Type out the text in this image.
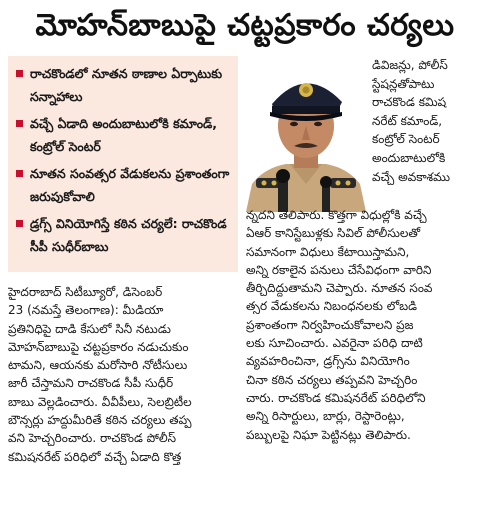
మోహన్‌బాబుపై చట్టప్రకారం చర్యలు
రాచకొండలో నూతన ఠాణాల ఏర్పాటుకు సన్నాహాలు
వచ్చే ఏడాది అందుబాటులోకి కమాండ్, కంట్రోల్ సెంటర్
నూతన సంవత్సర వేడుకలను ప్రశాంతంగా జరుపుకోవాలి
డ్రగ్స్ వినియోగిస్తే కఠిన చర్యలే: రాచకొండ సీపీ సుధీర్‌బాబు
డివిజన్లు, పోలీస్
స్టేషన్లతోపాటు
రాచకొండ కమిష
నరేట్ కమాండ్,
కంట్రోల్ సెంటర్
అందుబాటులోకి
వచ్చే అవకాశము
న్నదని తెలిపారు. కొత్తగా విధుల్లోకి వచ్చే
ఏఆర్ కానిస్టేబుళ్లకు సివిల్ పోలీసులతో
సమానంగా విధులు కేటాయిస్తామని,
అన్ని రకాలైన పనులు చేసేవిధంగా వారిని
తీర్చిదిద్దుతామని చెప్పారు. నూతన సంవ
త్సర వేడుకలను నిబంధనలకు లోబడి
ప్రశాంతంగా నిర్వహించుకోవాలని ప్రజ
లకు సూచించారు. ఎవరైనా పరిధి దాటి
వ్యవహరించినా, డ్రగ్స్‌ను వినియోగిం
చినా కఠిన చర్యలు తప్పవని హెచ్చరిం
చారు. రాచకొండ కమిషనరేట్ పరిధిలోని
అన్ని రిసార్టులు, బార్లు, రెస్టారెంట్లు,
పబ్బులపై నిఘా పెట్టినట్లు తెలిపారు.
హైదరాబాద్ సిటీబ్యూరో, డిసెంబర్
23 (నమస్తే తెలంగాణ): మీడియా
ప్రతినిధిపై దాడి కేసులో సినీ నటుడు
మోహన్‌బాబుపై చట్టప్రకారం నడుచుకుం
టామని, ఆయనకు మరోసారి నోటీసులు
జారీ చేస్తామని రాచకొండ సీపీ సుధీర్
బాబు వెల్లడించారు. వీవీపీలు, సెలబ్రిటీల
బౌన్సర్లు హద్దుమీరితే కఠిన చర్యలు తప్ప
వని హెచ్చరించారు. రాచకొండ పోలీస్
కమిషనరేట్ పరిధిలో వచ్చే ఏడాది కొత్త
